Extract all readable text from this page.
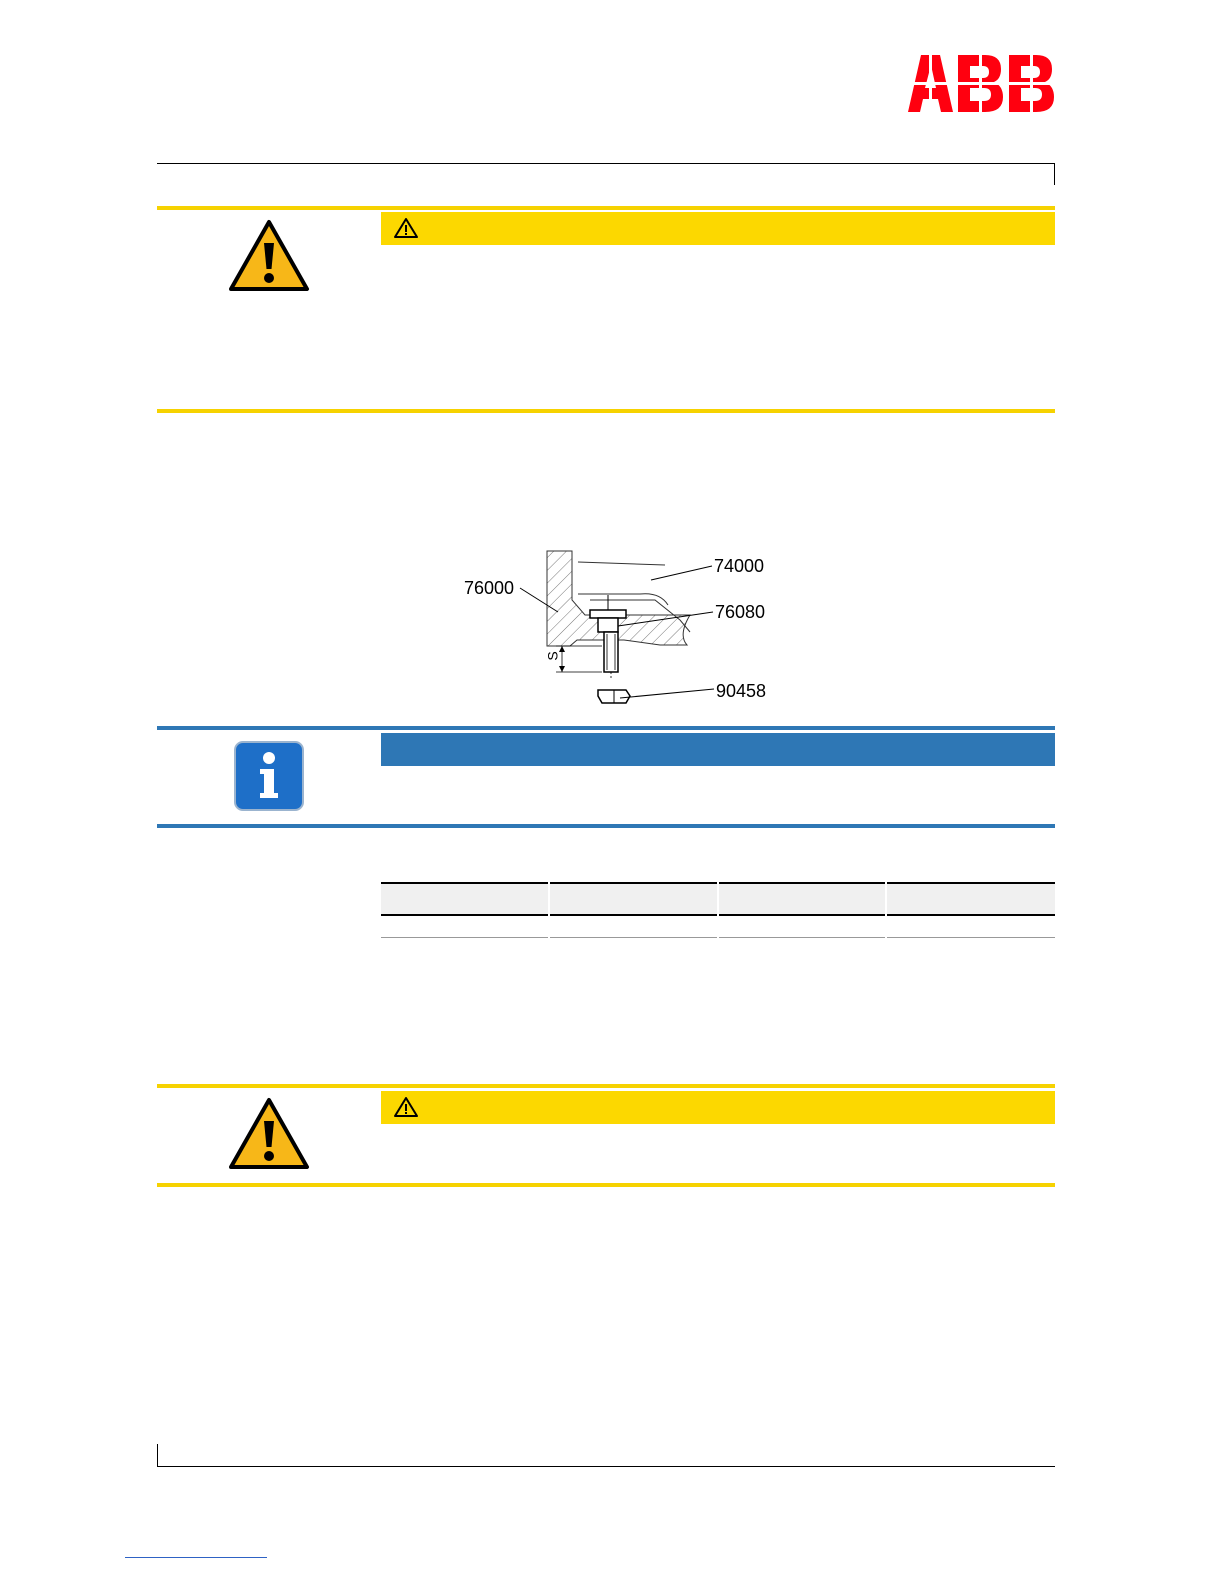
74000
76000
76080
90458
S
